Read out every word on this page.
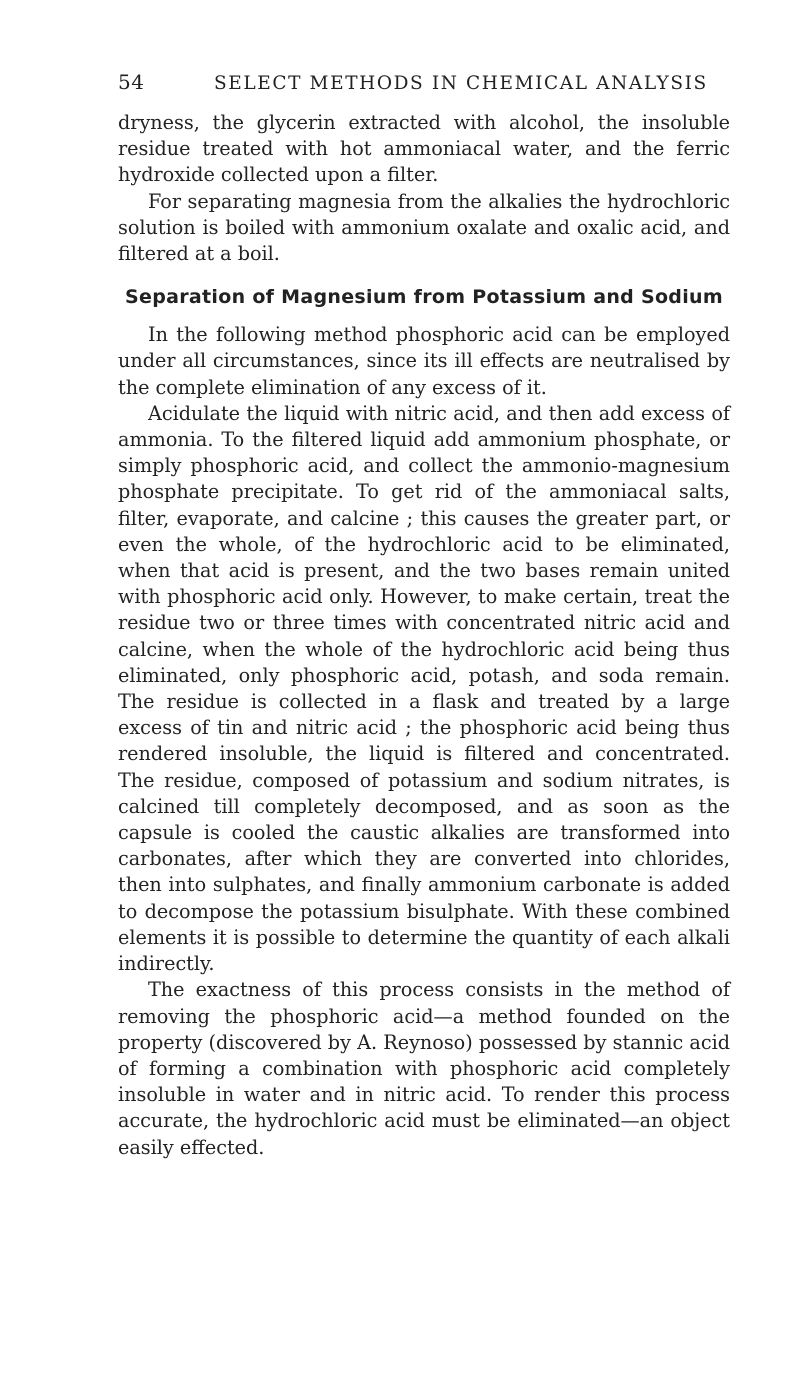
54	SELECT METHODS IN CHEMICAL ANALYSIS

dryness, the glycerin extracted with alcohol, the insoluble residue treated with hot ammoniacal water, and the ferric hydroxide collected upon a filter.

For separating magnesia from the alkalies the hydrochloric solution is boiled with ammonium oxalate and oxalic acid, and filtered at a boil.

Separation of Magnesium from Potassium and Sodium

In the following method phosphoric acid can be employed under all circumstances, since its ill effects are neutralised by the complete elimination of any excess of it.

Acidulate the liquid with nitric acid, and then add excess of ammonia. To the filtered liquid add ammonium phosphate, or simply phosphoric acid, and collect the ammonio-magnesium phosphate precipitate. To get rid of the ammoniacal salts, filter, evaporate, and calcine ; this causes the greater part, or even the whole, of the hydrochloric acid to be eliminated, when that acid is present, and the two bases remain united with phosphoric acid only. However, to make certain, treat the residue two or three times with concentrated nitric acid and calcine, when the whole of the hydrochloric acid being thus eliminated, only phosphoric acid, potash, and soda remain. The residue is collected in a flask and treated by a large excess of tin and nitric acid ; the phosphoric acid being thus rendered insoluble, the liquid is filtered and concentrated. The residue, composed of potassium and sodium nitrates, is calcined till completely decomposed, and as soon as the capsule is cooled the caustic alkalies are transformed into carbonates, after which they are converted into chlorides, then into sulphates, and finally ammonium carbonate is added to decompose the potassium bisulphate. With these combined elements it is possible to determine the quantity of each alkali indirectly.

The exactness of this process consists in the method of removing the phosphoric acid—a method founded on the property (discovered by A. Reynoso) possessed by stannic acid of forming a combination with phosphoric acid completely insoluble in water and in nitric acid. To render this process accurate, the hydrochloric acid must be eliminated—an object easily effected.
